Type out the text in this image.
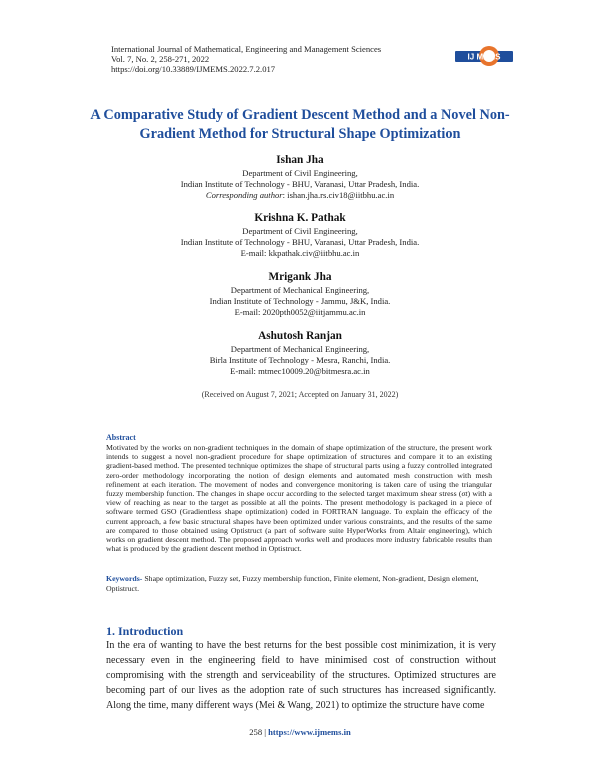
International Journal of Mathematical, Engineering and Management Sciences
Vol. 7, No. 2, 258-271, 2022
https://doi.org/10.33889/IJMEMS.2022.7.2.017
IJ MEMS
A Comparative Study of Gradient Descent Method and a Novel Non-
Gradient Method for Structural Shape Optimization
Ishan Jha
Department of Civil Engineering,
Indian Institute of Technology - BHU, Varanasi, Uttar Pradesh, India.
Corresponding author: ishan.jha.rs.civ18@iitbhu.ac.in
Krishna K. Pathak
Department of Civil Engineering,
Indian Institute of Technology - BHU, Varanasi, Uttar Pradesh, India.
E-mail: kkpathak.civ@iitbhu.ac.in
Mrigank Jha
Department of Mechanical Engineering,
Indian Institute of Technology - Jammu, J&K, India.
E-mail: 2020pth0052@iitjammu.ac.in
Ashutosh Ranjan
Department of Mechanical Engineering,
Birla Institute of Technology - Mesra, Ranchi, India.
E-mail: mtmec10009.20@bitmesra.ac.in
(Received on August 7, 2021; Accepted on January 31, 2022)
Abstract
Motivated by the works on non-gradient techniques in the domain of shape optimization of the structure, the present work intends to suggest a novel non-gradient procedure for shape optimization of structures and compare it to an existing gradient-based method. The presented technique optimizes the shape of structural parts using a fuzzy controlled integrated zero-order methodology incorporating the notion of design elements and automated mesh construction with mesh refinement at each iteration. The movement of nodes and convergence monitoring is taken care of using the triangular fuzzy membership function. The changes in shape occur according to the selected target maximum shear stress (σt) with a view of reaching as near to the target as possible at all the points. The present methodology is packaged in a piece of software termed GSO (Gradientless shape optimization) coded in FORTRAN language. To explain the efficacy of the current approach, a few basic structural shapes have been optimized under various constraints, and the results of the same are compared to those obtained using Optistruct (a part of software suite HyperWorks from Altair engineering), which works on gradient descent method. The proposed approach works well and produces more industry fabricable results than what is produced by the gradient descent method in Optistruct.
Keywords- Shape optimization, Fuzzy set, Fuzzy membership function, Finite element, Non-gradient, Design element, Optistruct.
1. Introduction
In the era of wanting to have the best returns for the best possible cost minimization, it is very necessary even in the engineering field to have minimised cost of construction without compromising with the strength and serviceability of the structures. Optimized structures are becoming part of our lives as the adoption rate of such structures has increased significantly. Along the time, many different ways (Mei & Wang, 2021) to optimize the structure have come
258 | https://www.ijmems.in
